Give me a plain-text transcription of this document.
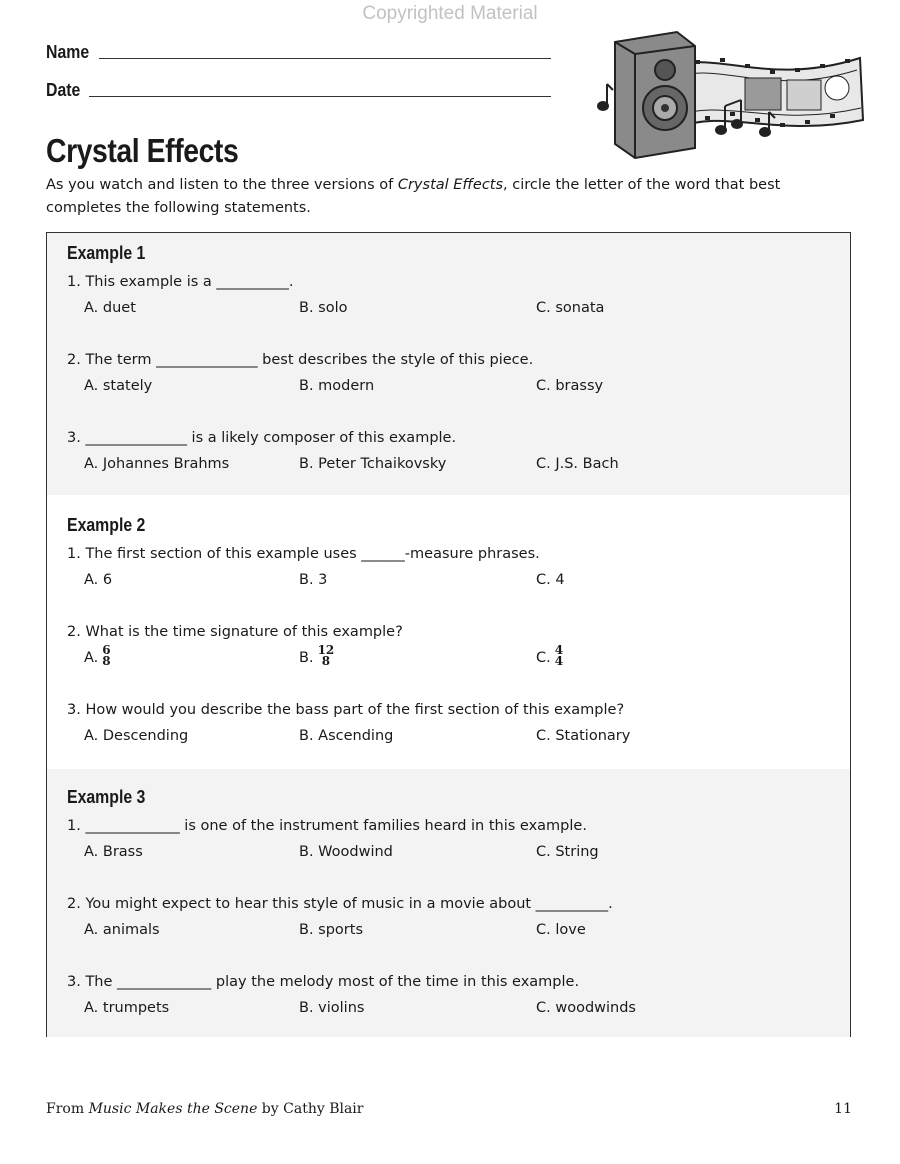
Copyrighted Material
Name
Date
Crystal Effects
As you watch and listen to the three versions of Crystal Effects, circle the letter of the word that best completes the following statements.
Example 1
1. This example is a __________.
A. duet	B. solo	C. sonata
2. The term ______________ best describes the style of this piece.
A. stately	B. modern	C. brassy
3. ______________ is a likely composer of this example.
A. Johannes Brahms	B. Peter Tchaikovsky	C. J.S. Bach
Example 2
1. The first section of this example uses ______-measure phrases.
A. 6	B. 3	C. 4
2. What is the time signature of this example?
A. 6
8	B. 12
8	C. 4
4
3. How would you describe the bass part of the first section of this example?
A. Descending	B. Ascending	C. Stationary
Example 3
1. _____________ is one of the instrument families heard in this example.
A. Brass	B. Woodwind	C. String
2. You might expect to hear this style of music in a movie about __________.
A. animals	B. sports	C. love
3. The _____________ play the melody most of the time in this example.
A. trumpets	B. violins	C. woodwinds
From Music Makes the Scene by Cathy Blair	11
